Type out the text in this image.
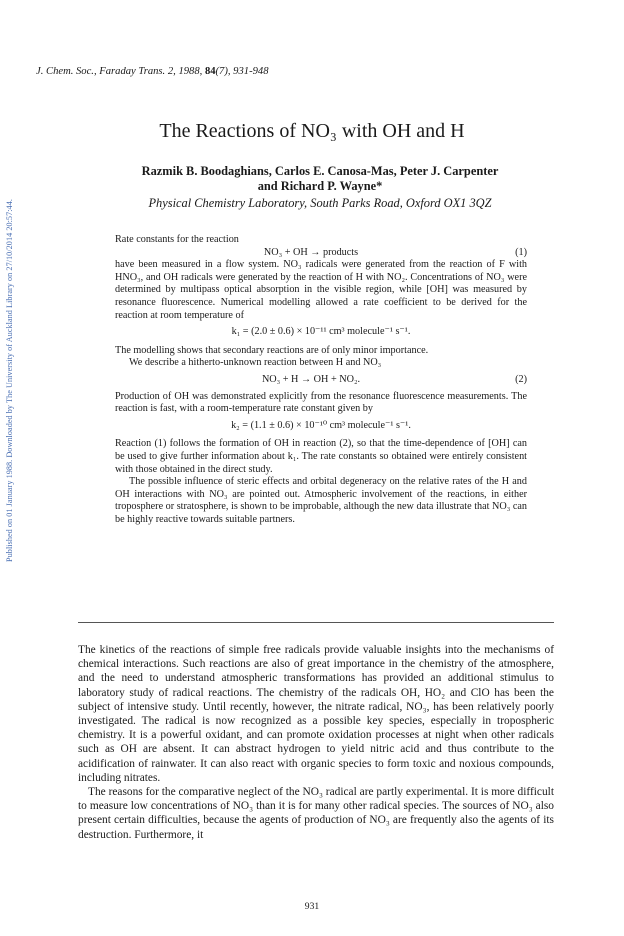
Published on 01 January 1988. Downloaded by The University of Auckland Library on 27/10/2014 20:57:44.
J. Chem. Soc., Faraday Trans. 2, 1988, 84(7), 931-948
The Reactions of NO₃ with OH and H
Razmik B. Boodaghians, Carlos E. Canosa-Mas, Peter J. Carpenter
and Richard P. Wayne*
Physical Chemistry Laboratory, South Parks Road, Oxford OX1 3QZ

Rate constants for the reaction

NO₃ + OH → products	(1)

have been measured in a flow system. NO₃ radicals were generated from the reaction of F with HNO₃, and OH radicals were generated by the reaction of H with NO₂. Concentrations of NO₃ were determined by multipass optical absorption in the visible region, while [OH] was measured by resonance fluorescence. Numerical modelling allowed a rate coefficient to be derived for the reaction at room temperature of

k₁ = (2.0 ± 0.6) × 10⁻¹¹ cm³ molecule⁻¹ s⁻¹.

The modelling shows that secondary reactions are of only minor importance.

We describe a hitherto-unknown reaction between H and NO₃

NO₃ + H → OH + NO₂.	(2)

Production of OH was demonstrated explicitly from the resonance fluorescence measurements. The reaction is fast, with a room-temperature rate constant given by

k₂ = (1.1 ± 0.6) × 10⁻¹⁰ cm³ molecule⁻¹ s⁻¹.

Reaction (1) follows the formation of OH in reaction (2), so that the time-dependence of [OH] can be used to give further information about k₁. The rate constants so obtained were entirely consistent with those obtained in the direct study.

The possible influence of steric effects and orbital degeneracy on the relative rates of the H and OH interactions with NO₃ are pointed out. Atmospheric involvement of the reactions, in either troposphere or stratosphere, is shown to be improbable, although the new data illustrate that NO₃ can be highly reactive towards suitable partners.

The kinetics of the reactions of simple free radicals provide valuable insights into the mechanisms of chemical interactions. Such reactions are also of great importance in the chemistry of the atmosphere, and the need to understand atmospheric transformations has provided an additional stimulus to laboratory study of radical reactions. The chemistry of the radicals OH, HO₂ and ClO has been the subject of intensive study. Until recently, however, the nitrate radical, NO₃, has been relatively poorly investigated. The radical is now recognized as a possible key species, especially in tropospheric chemistry. It is a powerful oxidant, and can promote oxidation processes at night when other radicals such as OH are absent. It can abstract hydrogen to yield nitric acid and thus contribute to the acidification of rainwater. It can also react with organic species to form toxic and noxious compounds, including nitrates.

The reasons for the comparative neglect of the NO₃ radical are partly experimental. It is more difficult to measure low concentrations of NO₃ than it is for many other radical species. The sources of NO₃ also present certain difficulties, because the agents of production of NO₃ are frequently also the agents of its destruction. Furthermore, it

931
